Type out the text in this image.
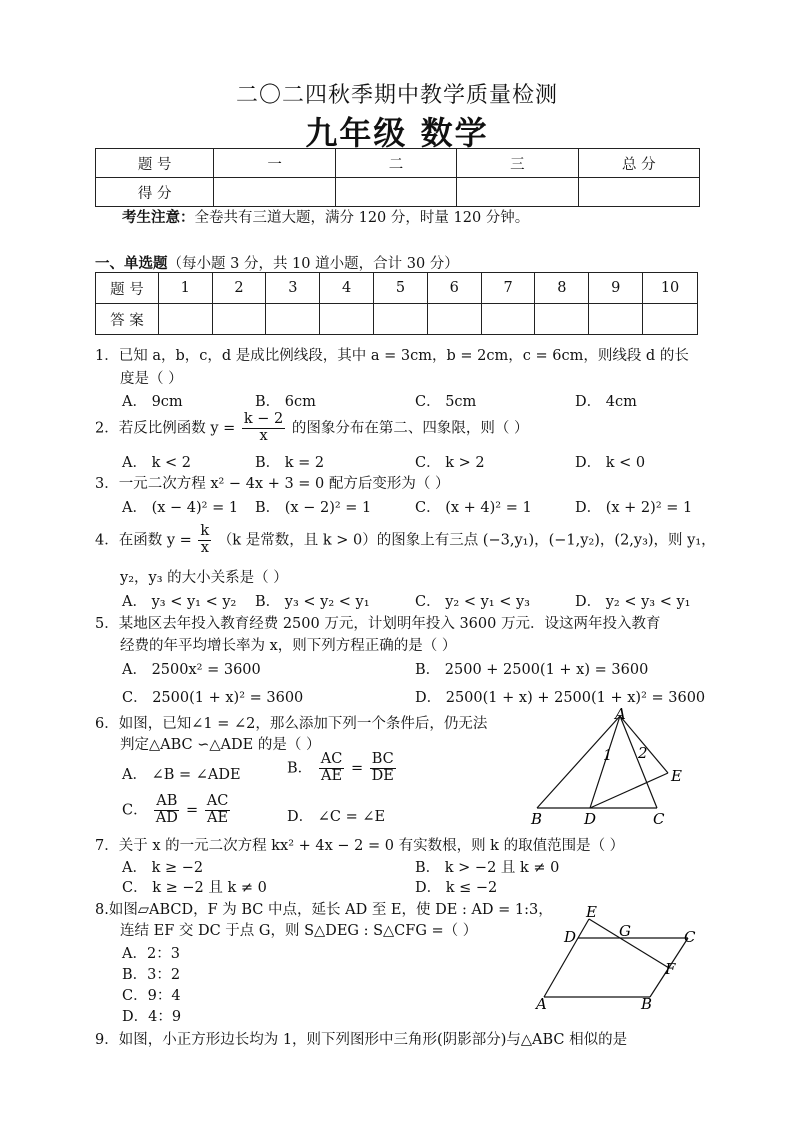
二〇二四秋季期中教学质量检测
九年级 数学
题 号	一	二	三	总 分
得 分				
考生注意：全卷共有三道大题，满分 120 分，时量 120 分钟。
一、单选题（每小题 3 分，共 10 道小题，合计 30 分）
题 号	1	2	3	4	5	6	7	8	9	10
答 案										
1．已知 a，b，c，d 是成比例线段，其中 a = 3cm，b = 2cm，c = 6cm，则线段 d 的长
度是（ ）
A． 9cm	B． 6cm	C． 5cm	D． 4cm
2．若反比例函数 $y = \frac{k - 2}{x}$ 的图象分布在第二、四象限，则（ ）
A． k < 2	B． k = 2	C． k > 2	D． k < 0
3．一元二次方程 x² − 4x + 3 = 0 配方后变形为（ ）
A． (x − 4)² = 1 B． (x − 2)² = 1	C． (x + 4)² = 1	D． (x + 2)² = 1
4．在函数 $y = \frac{k}{x} (k$ 是常数，且 k > 0）的图象上有三点 (−3,y₁)，(−1,y₂)，(2,y₃)，则 y₁，
y₂，y₃ 的大小关系是（ ）
A． y₃ < y₁ < y₂ B． y₃ < y₂ < y₁	C． y₂ < y₁ < y₃	D． y₂ < y₃ < y₁
5．某地区去年投入教育经费 2500 万元，计划明年投入 3600 万元．设这两年投入教育
经费的年平均增长率为 x，则下列方程正确的是（ ）
A． 2500x² = 3600	B． 2500 + 2500(1 + x) = 3600
C． 2500(1 + x)² = 3600	D． 2500(1 + x) + 2500(1 + x)² = 3600
6．如图，已知∠1 = ∠2，那么添加下列一个条件后，仍无法
判定△ABC ∽△ADE 的是（ ）
A． ∠B = ∠ADE	B． $\frac{AC}{AE} = \frac{BC}{DE}$
C． $\frac{AB}{AD} = \frac{AC}{AE}$	D． ∠C = ∠E
A
1 2
E
B	D	C
7．关于 x 的一元二次方程 kx² + 4x − 2 = 0 有实数根，则 k 的取值范围是（ ）
A． k ≥ −2	B． k > −2 且 k ≠ 0
C． k ≥ −2 且 k ≠ 0	D． k ≤ −2
8.如图▱ABCD，F 为 BC 中点，延长 AD 至 E，使 DE : AD = 1:3，
连结 EF 交 DC 于点 G，则 S△DEG : S△CFG =（ ）
A．2：3
B．3：2
C．9：4
D．4：9
E
D	G	C
F
A	B
9．如图，小正方形边长均为 1，则下列图形中三角形(阴影部分)与△ABC 相似的是
